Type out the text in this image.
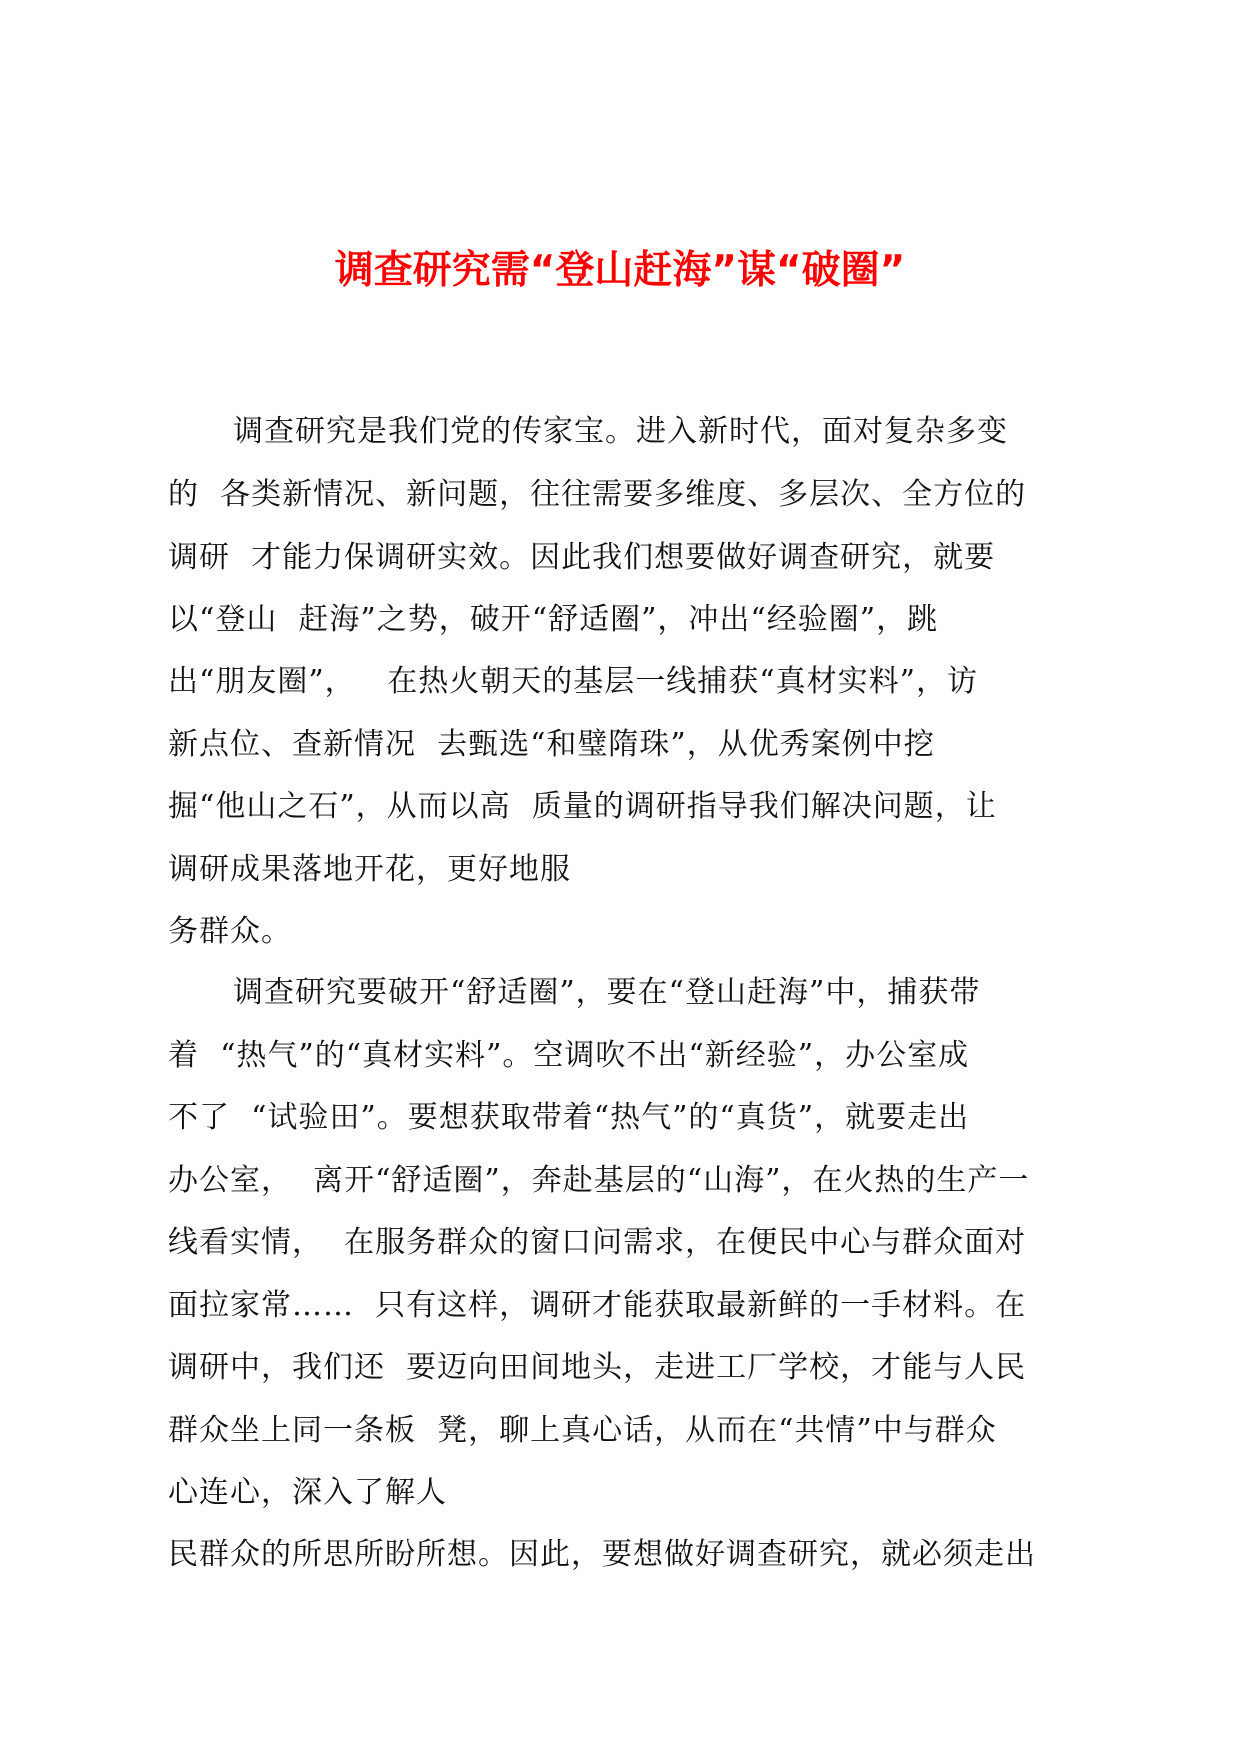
调查研究需“登山赶海”谋“破圈”
调查研究是我们党的传家宝。进入新时代，面对复杂多变
的  各类新情况、新问题，往往需要多维度、多层次、全方位的
调研  才能力保调研实效。因此我们想要做好调查研究，就要
以“登山  赶海”之势，破开“舒适圈”，冲出“经验圈”，跳
出“朋友圈”，   在热火朝天的基层一线捕获“真材实料”，访
新点位、查新情况  去甄选“和璧隋珠”，从优秀案例中挖
掘“他山之石”，从而以高  质量的调研指导我们解决问题，让
调研成果落地开花，更好地服
务群众。
调查研究要破开“舒适圈”，要在“登山赶海”中，捕获带
着  “热气”的“真材实料”。空调吹不出“新经验”，办公室成
不了  “试验田”。要想获取带着“热气”的“真货”，就要走出
办公室，  离开“舒适圈”，奔赴基层的“山海”，在火热的生产一
线看实情，  在服务群众的窗口问需求，在便民中心与群众面对
面拉家常……  只有这样，调研才能获取最新鲜的一手材料。在
调研中，我们还  要迈向田间地头，走进工厂学校，才能与人民
群众坐上同一条板  凳，聊上真心话，从而在“共情”中与群众
心连心，深入了解人
民群众的所思所盼所想。因此，要想做好调查研究，就必须走出
